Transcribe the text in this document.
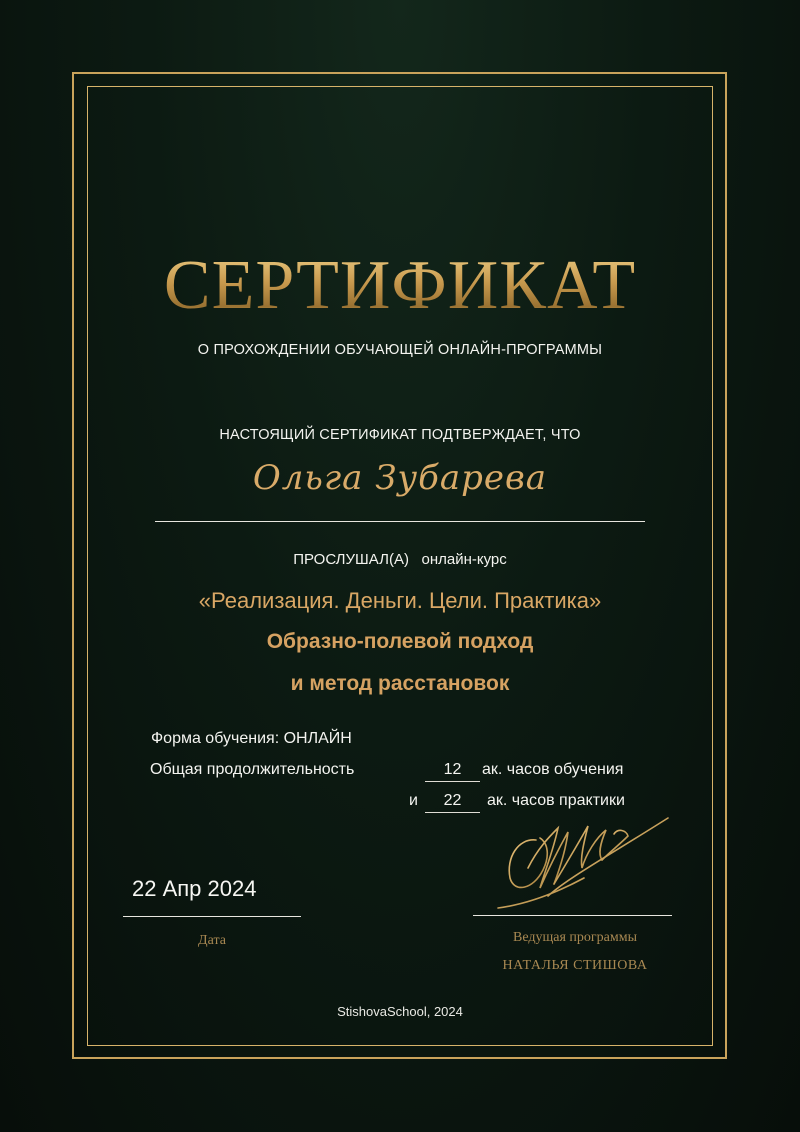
СЕРТИФИКАТ
О ПРОХОЖДЕНИИ ОБУЧАЮЩЕЙ ОНЛАЙН-ПРОГРАММЫ
НАСТОЯЩИЙ СЕРТИФИКАТ ПОДТВЕРЖДАЕТ, ЧТО
Ольга Зубарева
ПРОСЛУШАЛ(А) онлайн-курс
«Реализация. Деньги. Цели. Практика»
Образно-полевой подход
и метод расстановок
Форма обучения: ОНЛАЙН
Общая продолжительность	12	ак. часов обучения
и	22	ак. часов практики
22 Апр 2024
Дата	Ведущая программы
НАТАЛЬЯ СТИШОВА
StishovaSchool, 2024
